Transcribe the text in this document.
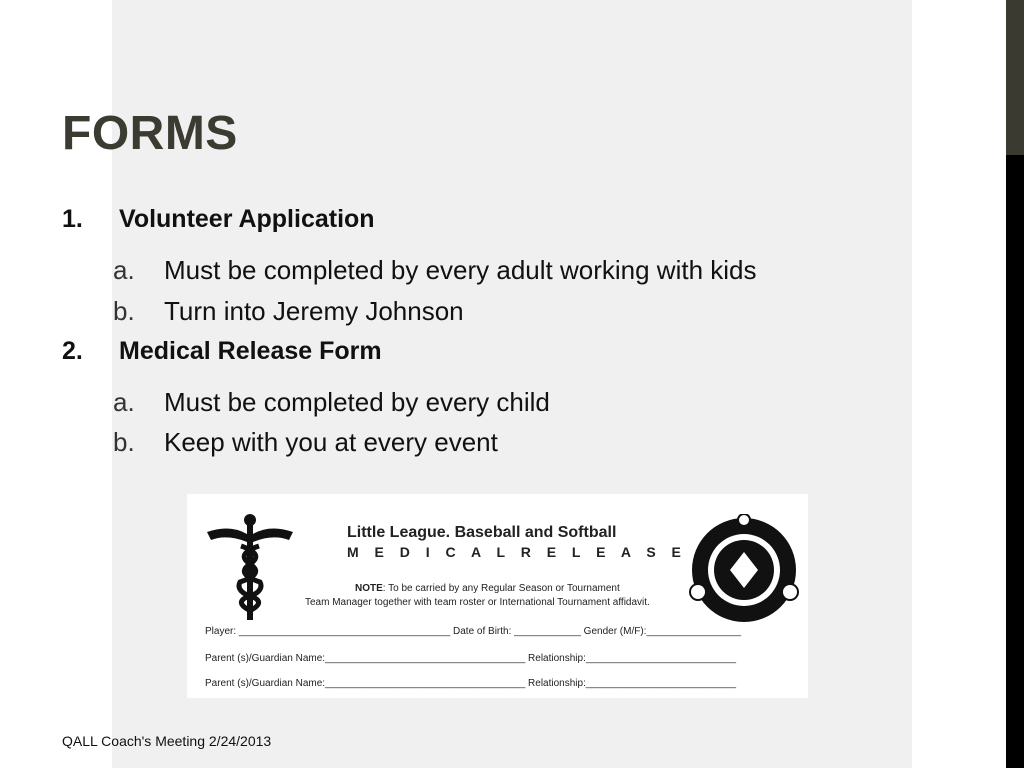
FORMS
1. Volunteer Application
a. Must be completed by every adult working with kids
b. Turn into Jeremy Johnson
2. Medical Release Form
a. Must be completed by every child
b. Keep with you at every event
Little League. Baseball and Softball
M E D I C A L R E L E A S E
NOTE: To be carried by any Regular Season or Tournament
Team Manager together with team roster or International Tournament affidavit.
Player: ______________________________________ Date of Birth: ____________ Gender (M/F):_________________
Parent (s)/Guardian Name:____________________________________ Relationship:___________________________
Parent (s)/Guardian Name:____________________________________ Relationship:___________________________
QALL Coach's Meeting 2/24/2013
